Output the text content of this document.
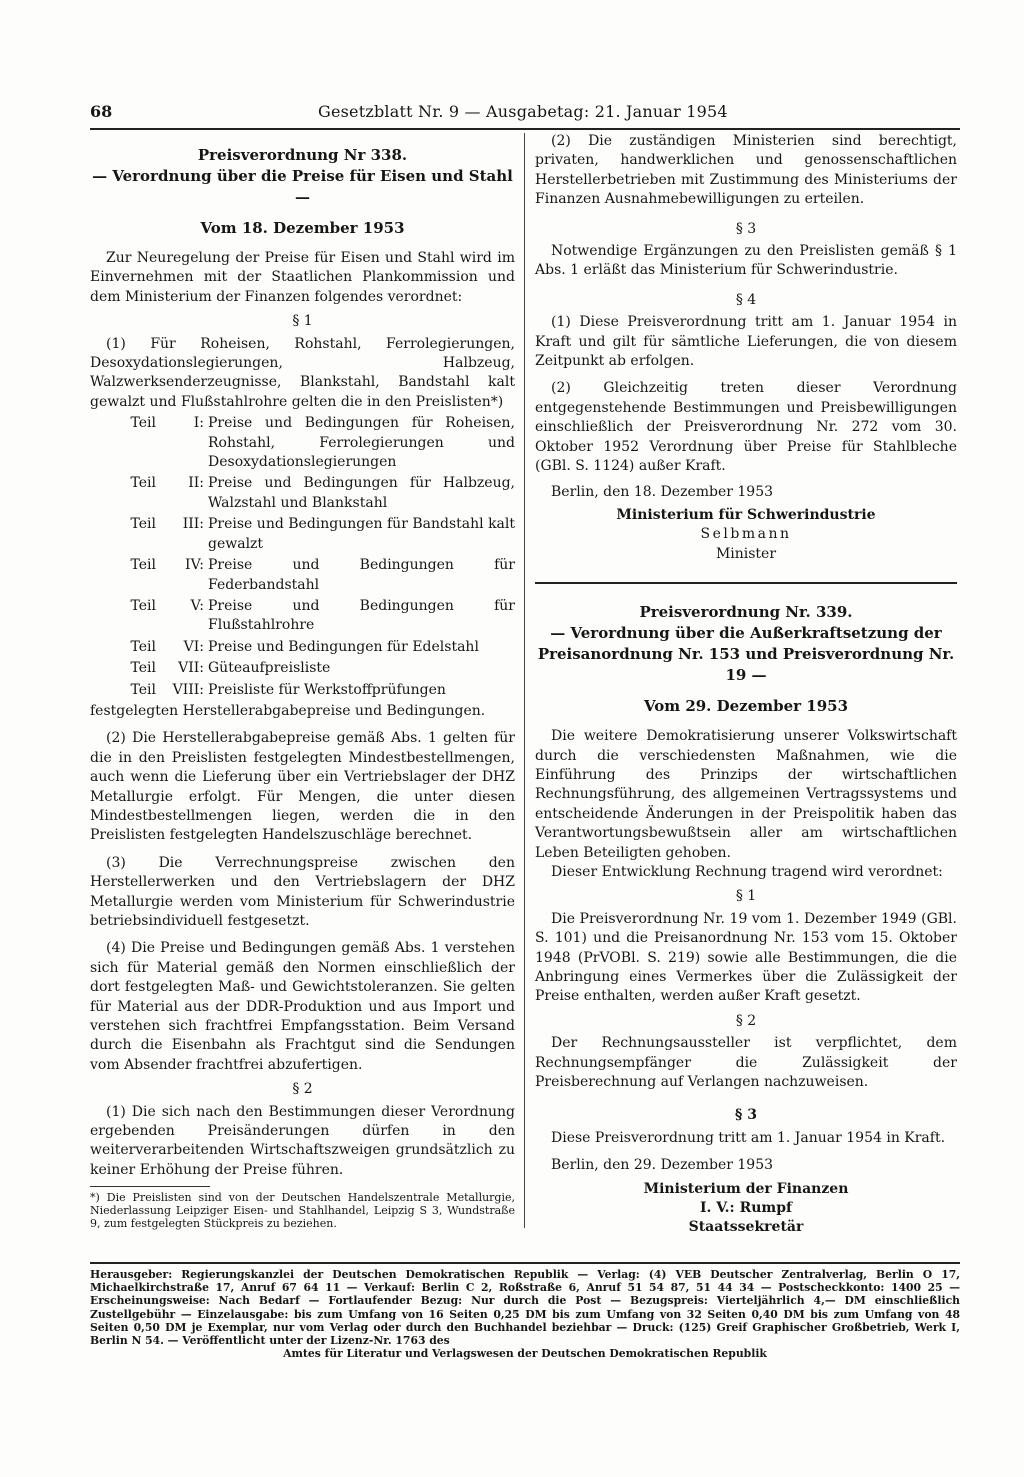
68	Gesetzblatt Nr. 9 — Ausgabetag: 21. Januar 1954

Preisverordnung Nr 338.

— Verordnung über die Preise für Eisen und Stahl —

Vom 18. Dezember 1953

Zur Neuregelung der Preise für Eisen und Stahl wird im Einvernehmen mit der Staatlichen Plankommission und dem Ministerium der Finanzen folgendes verordnet:

§ 1

(1) Für Roheisen, Rohstahl, Ferrolegierungen, Desoxydationslegierungen, Halbzeug, Walzwerksenderzeugnisse, Blankstahl, Bandstahl kalt gewalzt und Flußstahlrohre gelten die in den Preislisten*)

Teil	I: Preise und Bedingungen für Roheisen, Rohstahl, Ferrolegierungen und Desoxydationslegierungen
Teil	II: Preise und Bedingungen für Halbzeug, Walzstahl und Blankstahl
Teil	III: Preise und Bedingungen für Bandstahl kalt gewalzt
Teil	IV: Preise und Bedingungen für Federbandstahl
Teil	V: Preise und Bedingungen für Flußstahlrohre
Teil	VI: Preise und Bedingungen für Edelstahl
Teil	VII: Güteaufpreisliste
Teil	VIII: Preisliste für Werkstoffprüfungen

festgelegten Herstellerabgabepreise und Bedingungen.

(2) Die Herstellerabgabepreise gemäß Abs. 1 gelten für die in den Preislisten festgelegten Mindestbestellmengen, auch wenn die Lieferung über ein Vertriebslager der DHZ Metallurgie erfolgt. Für Mengen, die unter diesen Mindestbestellmengen liegen, werden die in den Preislisten festgelegten Handelszuschläge berechnet.

(3) Die Verrechnungspreise zwischen den Herstellerwerken und den Vertriebslagern der DHZ Metallurgie werden vom Ministerium für Schwerindustrie betriebsindividuell festgesetzt.

(4) Die Preise und Bedingungen gemäß Abs. 1 verstehen sich für Material gemäß den Normen einschließlich der dort festgelegten Maß- und Gewichtstoleranzen. Sie gelten für Material aus der DDR-Produktion und aus Import und verstehen sich frachtfrei Empfangsstation. Beim Versand durch die Eisenbahn als Frachtgut sind die Sendungen vom Absender frachtfrei abzufertigen.

§ 2

(1) Die sich nach den Bestimmungen dieser Verordnung ergebenden Preisänderungen dürfen in den weiterverarbeitenden Wirtschaftszweigen grundsätzlich zu keiner Erhöhung der Preise führen.

*) Die Preislisten sind von der Deutschen Handelszentrale Metallurgie, Niederlassung Leipziger Eisen- und Stahlhandel, Leipzig S 3, Wundstraße 9, zum festgelegten Stückpreis zu beziehen.

(2) Die zuständigen Ministerien sind berechtigt, privaten, handwerklichen und genossenschaftlichen Herstellerbetrieben mit Zustimmung des Ministeriums der Finanzen Ausnahmebewilligungen zu erteilen.

§ 3

Notwendige Ergänzungen zu den Preislisten gemäß § 1 Abs. 1 erläßt das Ministerium für Schwerindustrie.

§ 4

(1) Diese Preisverordnung tritt am 1. Januar 1954 in Kraft und gilt für sämtliche Lieferungen, die von diesem Zeitpunkt ab erfolgen.

(2) Gleichzeitig treten dieser Verordnung entgegenstehende Bestimmungen und Preisbewilligungen einschließlich der Preisverordnung Nr. 272 vom 30. Oktober 1952 Verordnung über Preise für Stahlbleche (GBl. S. 1124) außer Kraft.

Berlin, den 18. Dezember 1953

Ministerium für Schwerindustrie

Selbmann

Minister

Preisverordnung Nr. 339.

— Verordnung über die Außerkraftsetzung der Preisanordnung Nr. 153 und Preisverordnung Nr. 19 —

Vom 29. Dezember 1953

Die weitere Demokratisierung unserer Volkswirtschaft durch die verschiedensten Maßnahmen, wie die Einführung des Prinzips der wirtschaftlichen Rechnungsführung, des allgemeinen Vertragssystems und entscheidende Änderungen in der Preispolitik haben das Verantwortungsbewußtsein aller am wirtschaftlichen Leben Beteiligten gehoben.

Dieser Entwicklung Rechnung tragend wird verordnet:

§ 1

Die Preisverordnung Nr. 19 vom 1. Dezember 1949 (GBl. S. 101) und die Preisanordnung Nr. 153 vom 15. Oktober 1948 (PrVOBl. S. 219) sowie alle Bestimmungen, die die Anbringung eines Vermerkes über die Zulässigkeit der Preise enthalten, werden außer Kraft gesetzt.

§ 2

Der Rechnungsaussteller ist verpflichtet, dem Rechnungsempfänger die Zulässigkeit der Preisberechnung auf Verlangen nachzuweisen.

§ 3

Diese Preisverordnung tritt am 1. Januar 1954 in Kraft.

Berlin, den 29. Dezember 1953

Ministerium der Finanzen

I. V.: Rumpf

Staatssekretär

Herausgeber: Regierungskanzlei der Deutschen Demokratischen Republik — Verlag: (4) VEB Deutscher Zentralverlag, Berlin O 17, Michaelkirchstraße 17, Anruf 67 64 11 — Verkauf: Berlin C 2, Roßstraße 6, Anruf 51 54 87, 51 44 34 — Postscheckkonto: 1400 25 — Erscheinungsweise: Nach Bedarf — Fortlaufender Bezug: Nur durch die Post — Bezugspreis: Vierteljährlich 4,— DM einschließlich Zustellgebühr — Einzelausgabe: bis zum Umfang von 16 Seiten 0,25 DM bis zum Umfang von 32 Seiten 0,40 DM bis zum Umfang von 48 Seiten 0,50 DM je Exemplar, nur vom Verlag oder durch den Buchhandel beziehbar — Druck: (125) Greif Graphischer Großbetrieb, Werk I, Berlin N 54. — Veröffentlicht unter der Lizenz-Nr. 1763 des
Amtes für Literatur und Verlagswesen der Deutschen Demokratischen Republik
